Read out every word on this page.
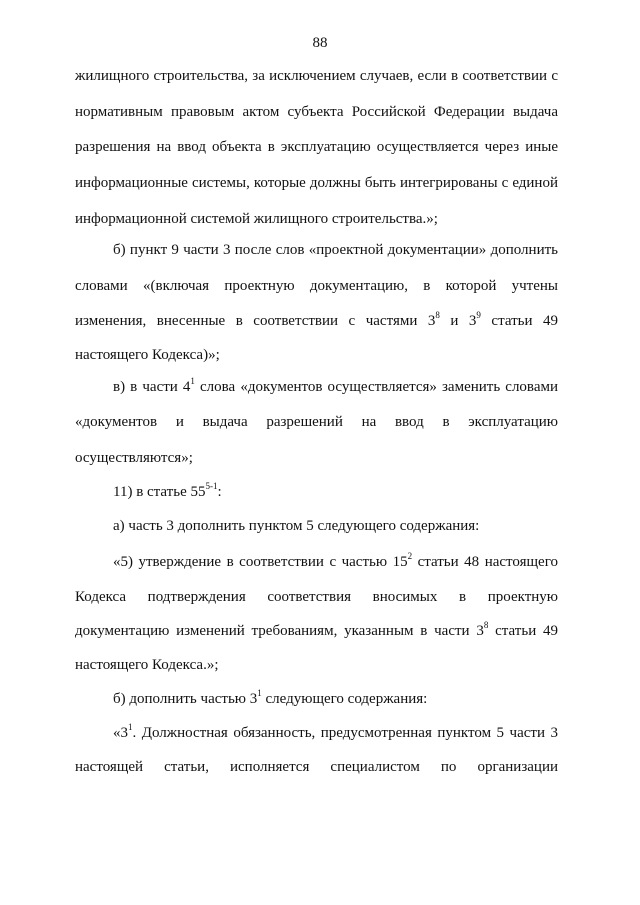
88

жилищного строительства, за исключением случаев, если в соответствии с

нормативным правовым актом субъекта Российской Федерации выдача

разрешения на ввод объекта в эксплуатацию осуществляется через иные

информационные системы, которые должны быть интегрированы с единой

информационной системой жилищного строительства.»;

б) пункт 9 части 3 после слов «проектной документации» дополнить

словами «(включая проектную документацию, в которой учтены

изменения, внесенные в соответствии с частями $3^8$ и $3^9$ статьи 49

настоящего Кодекса)»;

в) в части $4^1$ слова «документов осуществляется» заменить словами

«документов и выдача разрешений на ввод в эксплуатацию

осуществляются»;

11) в статье 55$^{5-1}$:

а) часть 3 дополнить пунктом 5 следующего содержания:

«5) утверждение в соответствии с частью $15^2$ статьи 48 настоящего

Кодекса подтверждения соответствия вносимых в проектную

документацию изменений требованиям, указанным в части $3^8$ статьи 49

настоящего Кодекса.»;

б) дополнить частью $3^1$ следующего содержания:

«$3^1$. Должностная обязанность, предусмотренная пунктом 5 части 3

настоящей статьи, исполняется специалистом по организации
